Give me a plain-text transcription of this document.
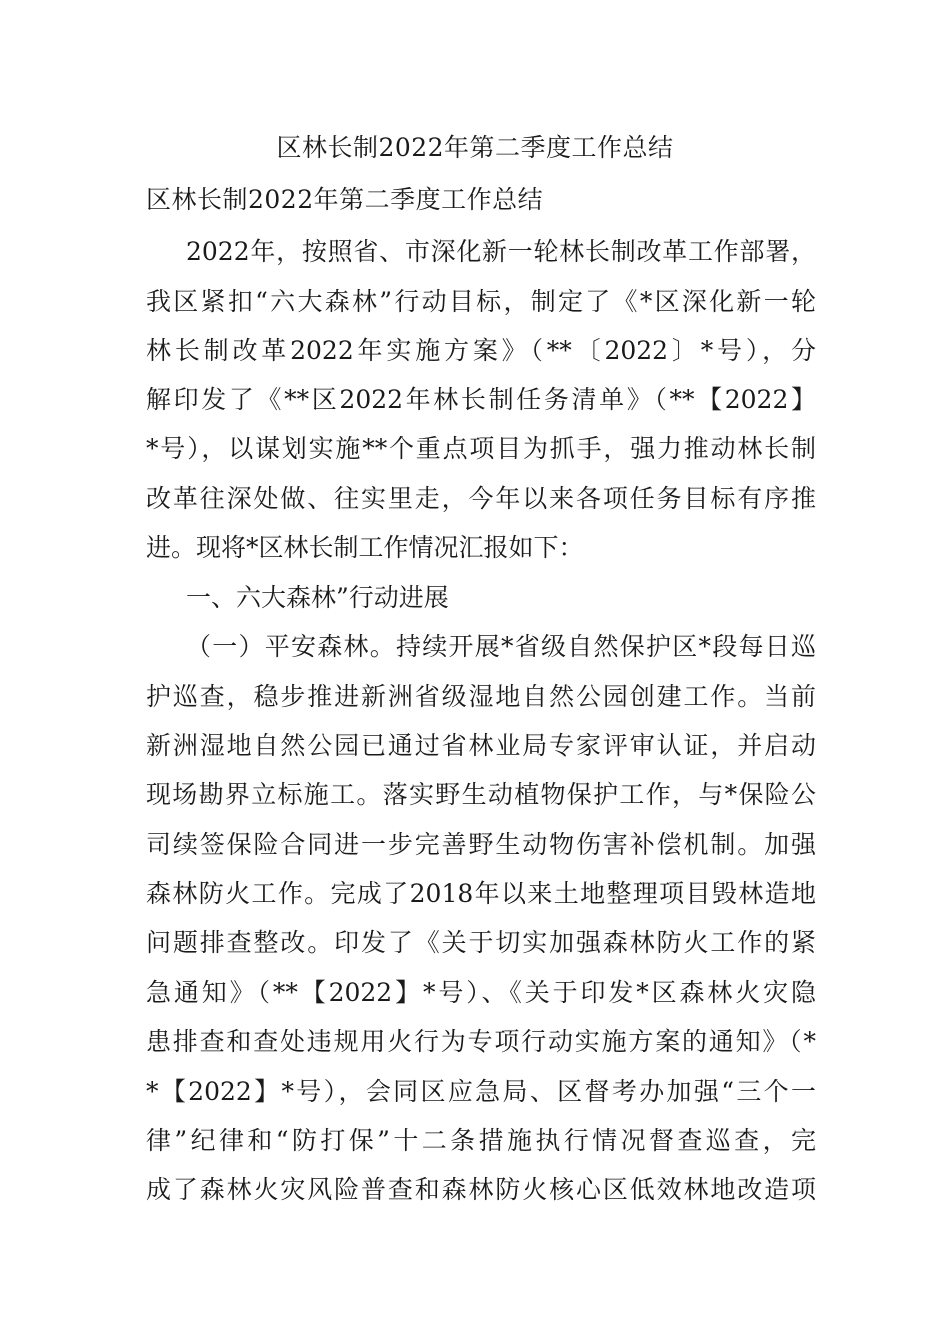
区林长制2022年第二季度工作总结
区林长制2022年第二季度工作总结
2022年，按照省、市深化新一轮林长制改革工作部署，
我区紧扣“六大森林”行动目标，制定了《*区深化新一轮
林长制改革2022年实施方案》（**〔2022〕*号），分
解印发了《**区2022年林长制任务清单》（**【2022】
*号），以谋划实施**个重点项目为抓手，强力推动林长制
改革往深处做、往实里走，今年以来各项任务目标有序推
进。现将*区林长制工作情况汇报如下：
一、六大森林”行动进展
（一）平安森林。持续开展*省级自然保护区*段每日巡
护巡查，稳步推进新洲省级湿地自然公园创建工作。当前
新洲湿地自然公园已通过省林业局专家评审认证，并启动
现场勘界立标施工。落实野生动植物保护工作，与*保险公
司续签保险合同进一步完善野生动物伤害补偿机制。加强
森林防火工作。完成了2018年以来土地整理项目毁林造地
问题排查整改。印发了《关于切实加强森林防火工作的紧
急通知》（**【2022】*号）、《关于印发*区森林火灾隐
患排查和查处违规用火行为专项行动实施方案的通知》（*
*【2022】*号），会同区应急局、区督考办加强“三个一
律”纪律和“防打保”十二条措施执行情况督查巡查，完
成了森林火灾风险普查和森林防火核心区低效林地改造项
